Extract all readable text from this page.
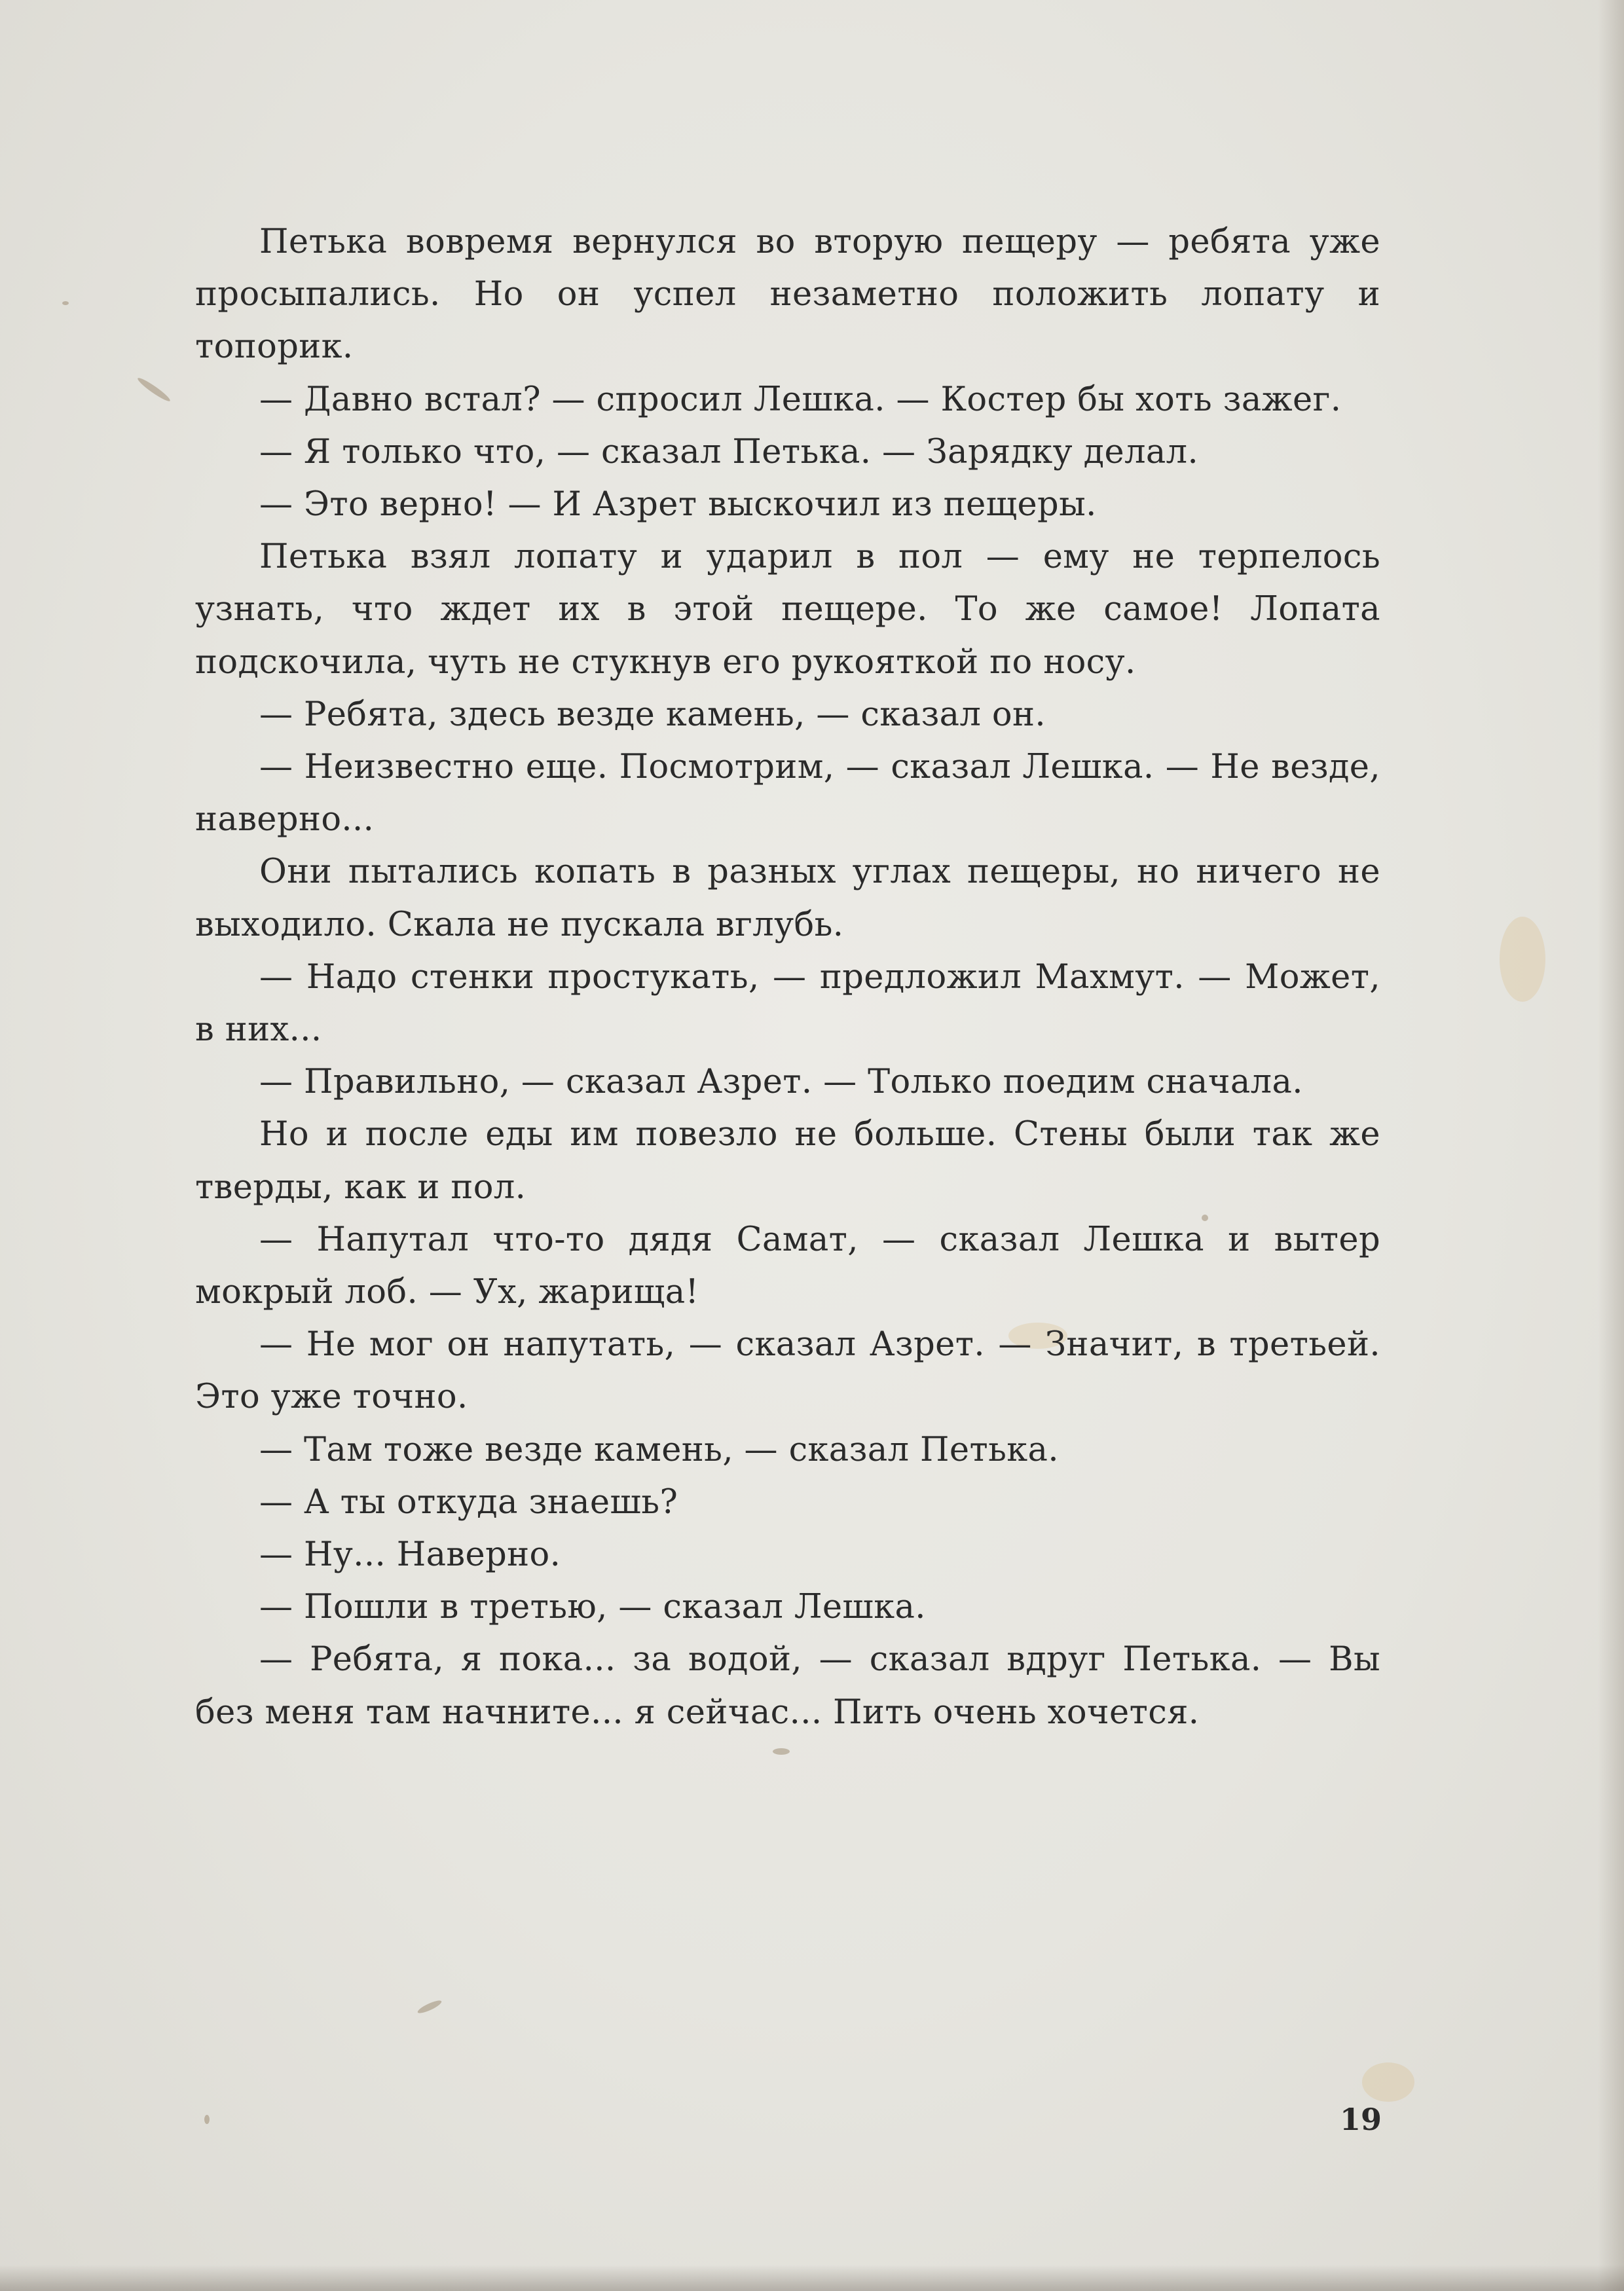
Петька вовремя вернулся во вторую пещеру — ребята уже просыпались. Но он успел незаметно положить лопату и топорик.

— Давно встал? — спросил Лешка. — Костер бы хоть зажег.

— Я только что, — сказал Петька. — Зарядку делал.

— Это верно! — И Азрет выскочил из пещеры.

Петька взял лопату и ударил в пол — ему не терпелось узнать, что ждет их в этой пещере. То же самое! Лопата подскочила, чуть не стукнув его рукояткой по носу.

— Ребята, здесь везде камень, — сказал он.

— Неизвестно еще. Посмотрим, — сказал Лешка. — Не везде, наверно...

Они пытались копать в разных углах пещеры, но ничего не выходило. Скала не пускала вглубь.

— Надо стенки простукать, — предложил Махмут. — Может, в них...

— Правильно, — сказал Азрет. — Только поедим сначала.

Но и после еды им повезло не больше. Стены были так же тверды, как и пол.

— Напутал что-то дядя Самат, — сказал Лешка и вытер мокрый лоб. — Ух, жарища!

— Не мог он напутать, — сказал Азрет. — Значит, в третьей. Это уже точно.

— Там тоже везде камень, — сказал Петька.

— А ты откуда знаешь?

— Ну... Наверно.

— Пошли в третью, — сказал Лешка.

— Ребята, я пока... за водой, — сказал вдруг Петька. — Вы без меня там начните... я сейчас... Пить очень хочется.

19
